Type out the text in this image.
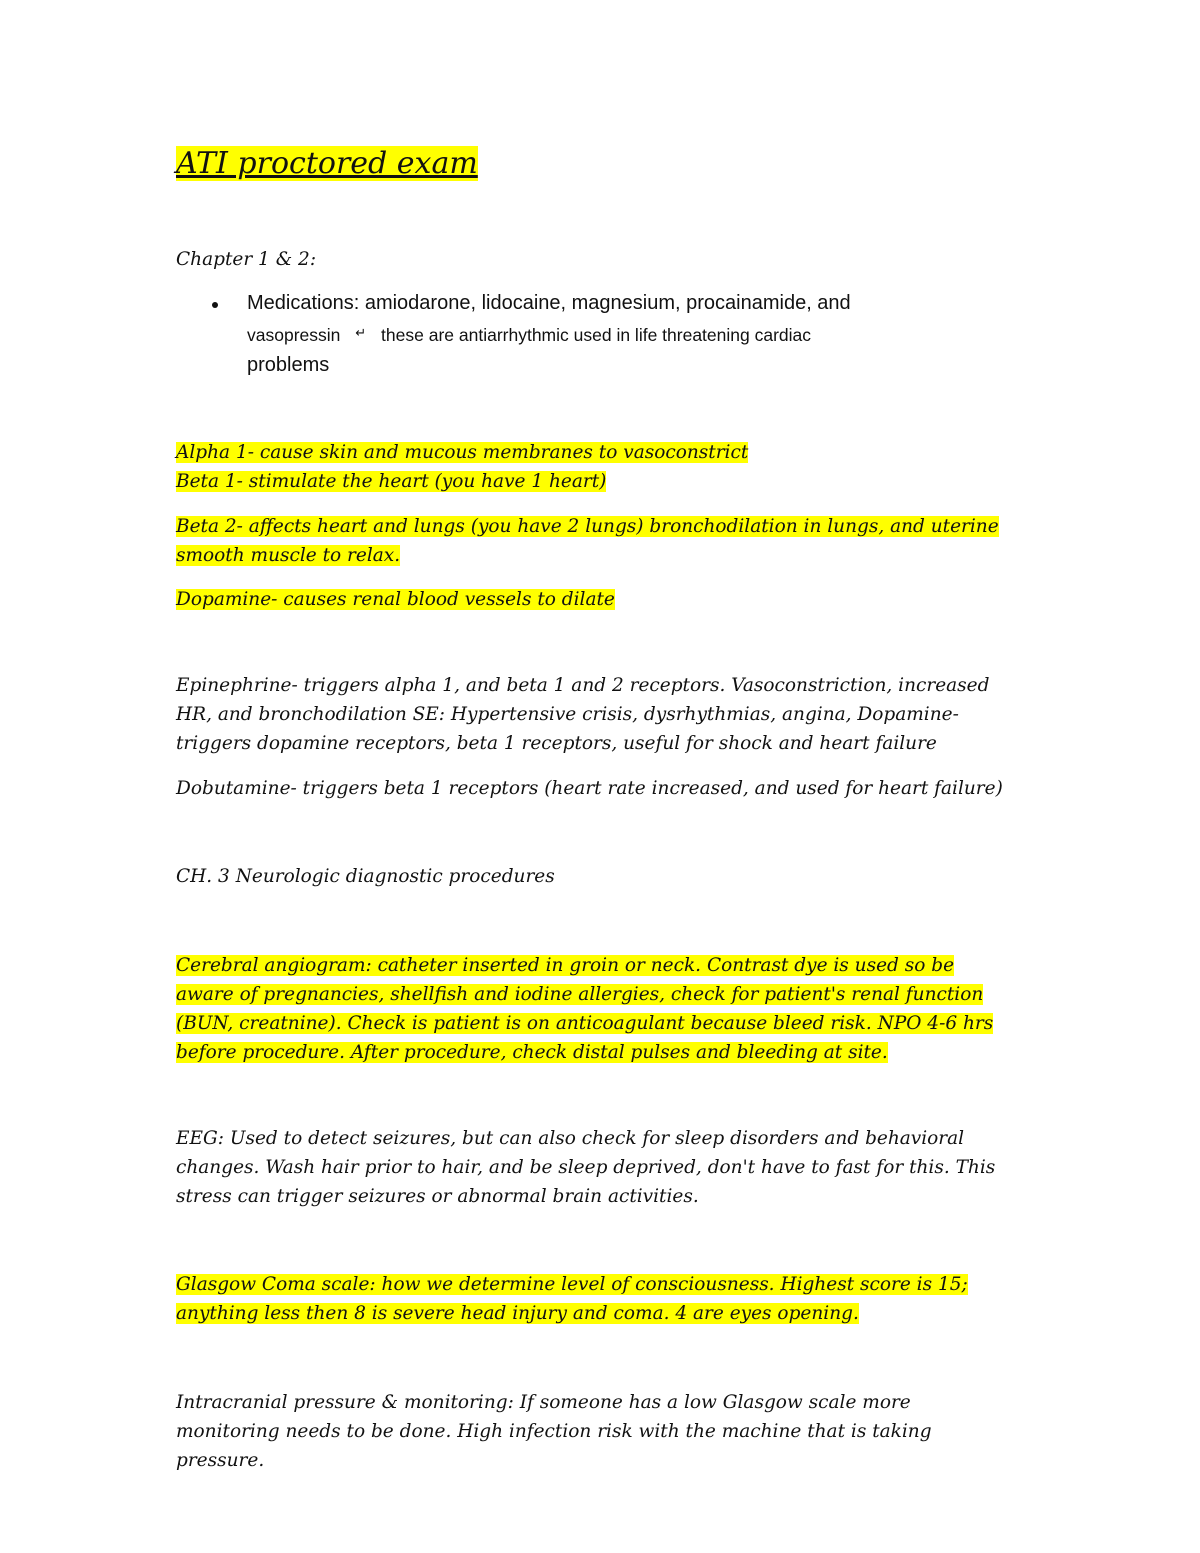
ATI proctored exam
Chapter 1 & 2:
Medications: amiodarone, lidocaine, magnesium, procainamide, and
vasopressin ↵ these are antiarrhythmic used in life threatening cardiac
problems
Alpha 1- cause skin and mucous membranes to vasoconstrict
Beta 1- stimulate the heart (you have 1 heart)
Beta 2- affects heart and lungs (you have 2 lungs) bronchodilation in lungs, and uterine
smooth muscle to relax.
Dopamine- causes renal blood vessels to dilate
Epinephrine- triggers alpha 1, and beta 1 and 2 receptors. Vasoconstriction, increased
HR, and bronchodilation SE: Hypertensive crisis, dysrhythmias, angina, Dopamine-
triggers dopamine receptors, beta 1 receptors, useful for shock and heart failure
Dobutamine- triggers beta 1 receptors (heart rate increased, and used for heart failure)
CH. 3 Neurologic diagnostic procedures
Cerebral angiogram: catheter inserted in groin or neck. Contrast dye is used so be
aware of pregnancies, shellfish and iodine allergies, check for patient's renal function
(BUN, creatnine). Check is patient is on anticoagulant because bleed risk. NPO 4-6 hrs
before procedure. After procedure, check distal pulses and bleeding at site.
EEG: Used to detect seizures, but can also check for sleep disorders and behavioral
changes. Wash hair prior to hair, and be sleep deprived, don't have to fast for this. This
stress can trigger seizures or abnormal brain activities.
Glasgow Coma scale: how we determine level of consciousness. Highest score is 15;
anything less then 8 is severe head injury and coma. 4 are eyes opening.
Intracranial pressure & monitoring: If someone has a low Glasgow scale more
monitoring needs to be done. High infection risk with the machine that is taking
pressure.
